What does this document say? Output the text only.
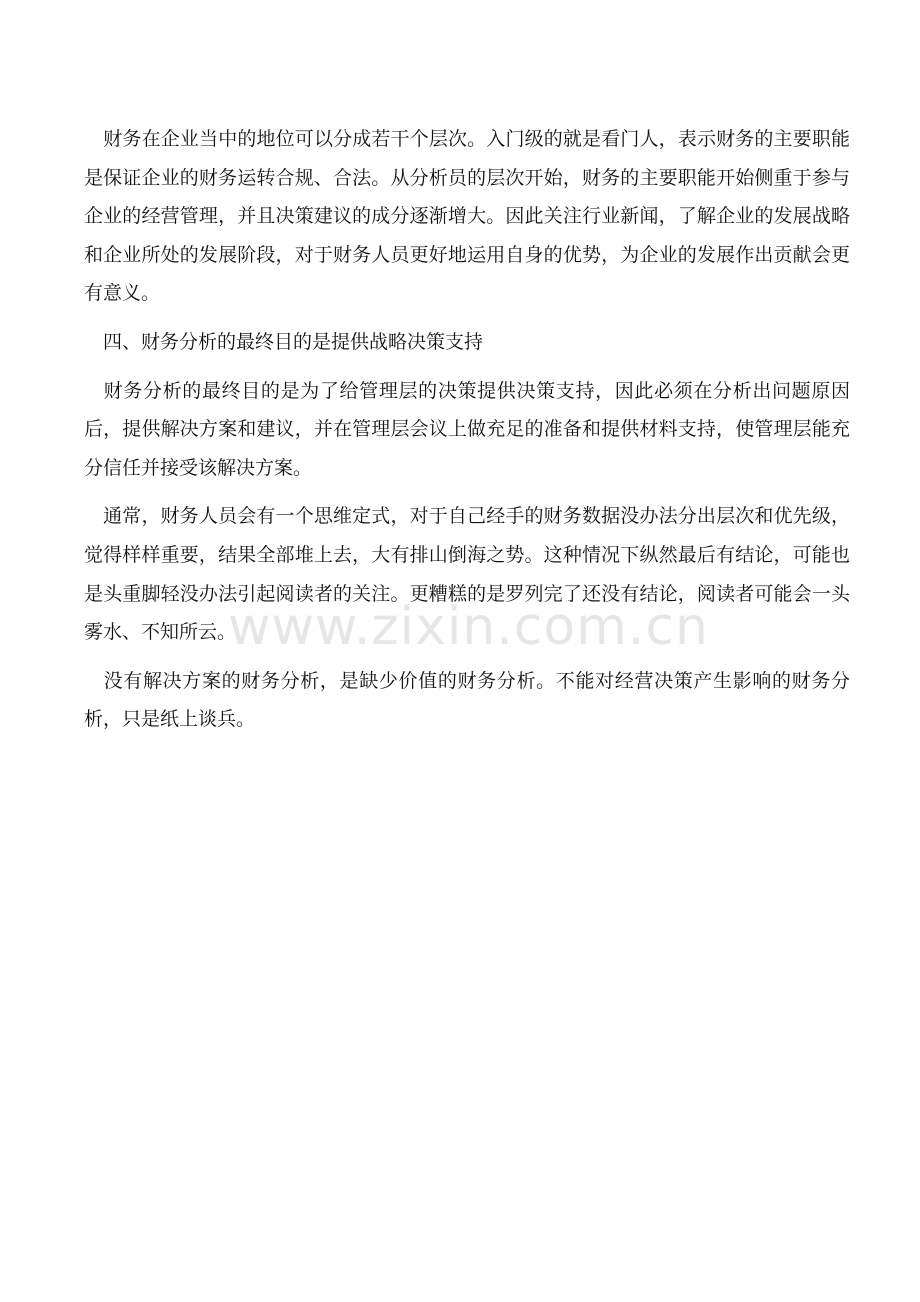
www.zixin.com.cn

　财务在企业当中的地位可以分成若干个层次。入门级的就是看门人，表示财务的主要职能是保证企业的财务运转合规、合法。从分析员的层次开始，财务的主要职能开始侧重于参与企业的经营管理，并且决策建议的成分逐渐增大。因此关注行业新闻，了解企业的发展战略和企业所处的发展阶段，对于财务人员更好地运用自身的优势，为企业的发展作出贡献会更有意义。

　四、财务分析的最终目的是提供战略决策支持

　财务分析的最终目的是为了给管理层的决策提供决策支持，因此必须在分析出问题原因后，提供解决方案和建议，并在管理层会议上做充足的准备和提供材料支持，使管理层能充分信任并接受该解决方案。

　通常，财务人员会有一个思维定式，对于自己经手的财务数据没办法分出层次和优先级，觉得样样重要，结果全部堆上去，大有排山倒海之势。这种情况下纵然最后有结论，可能也是头重脚轻没办法引起阅读者的关注。更糟糕的是罗列完了还没有结论，阅读者可能会一头雾水、不知所云。

　没有解决方案的财务分析，是缺少价值的财务分析。不能对经营决策产生影响的财务分析，只是纸上谈兵。
